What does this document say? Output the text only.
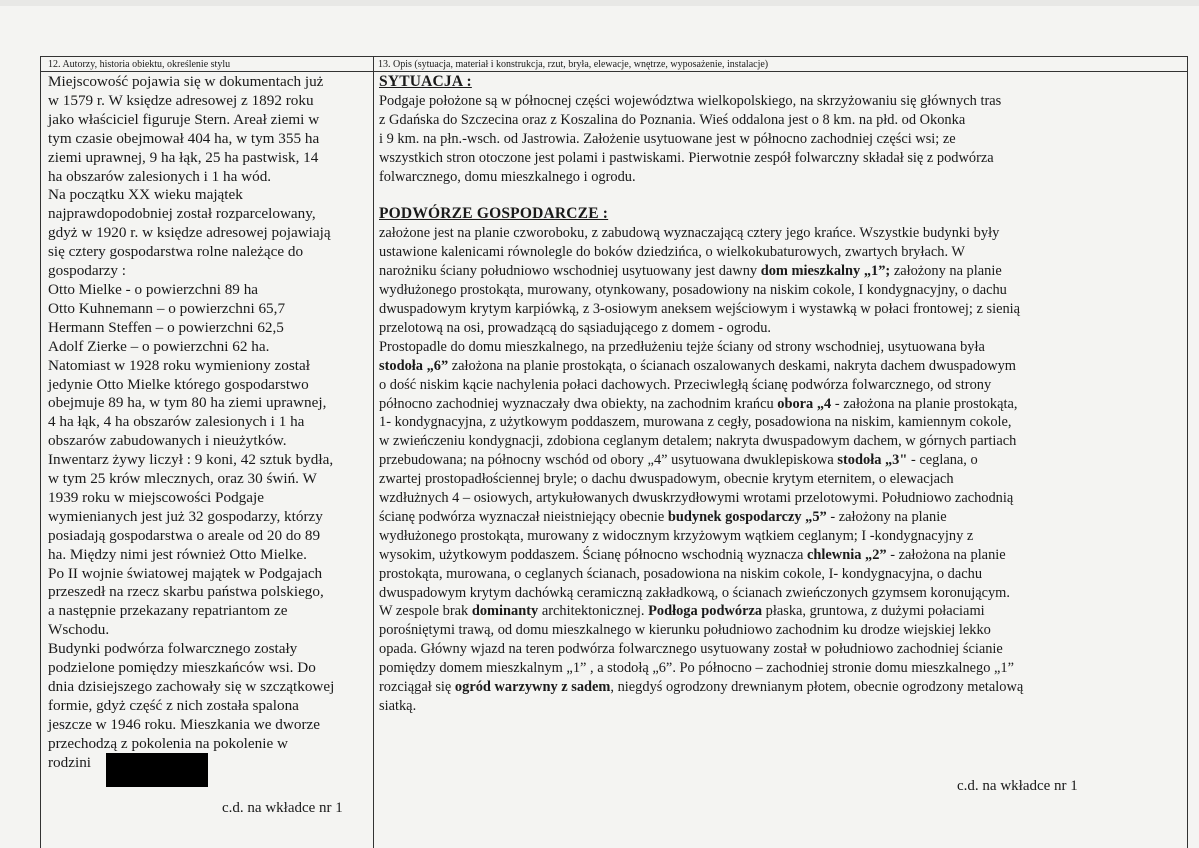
12. Autorzy, historia obiektu, określenie stylu	13. Opis (sytuacja, materiał i konstrukcja, rzut, bryła, elewacje, wnętrze, wyposażenie, instalacje)

Miejscowość pojawia się w dokumentach już

w 1579 r. W księdze adresowej z 1892 roku

jako właściciel figuruje Stern. Areał ziemi w

tym czasie obejmował 404 ha, w tym 355 ha

ziemi uprawnej, 9 ha łąk, 25 ha pastwisk, 14

ha obszarów zalesionych i 1 ha wód.

Na początku XX wieku majątek

najprawdopodobniej został rozparcelowany,

gdyż w 1920 r. w księdze adresowej pojawiają

się cztery gospodarstwa rolne należące do

gospodarzy :

Otto Mielke - o powierzchni 89 ha

Otto Kuhnemann – o powierzchni 65,7

Hermann Steffen – o powierzchni 62,5

Adolf Zierke – o powierzchni 62 ha.

Natomiast w 1928 roku wymieniony został

jedynie Otto Mielke którego gospodarstwo

obejmuje 89 ha, w tym 80 ha ziemi uprawnej,

4 ha łąk, 4 ha obszarów zalesionych i 1 ha

obszarów zabudowanych i nieużytków.

Inwentarz żywy liczył : 9 koni, 42 sztuk bydła,

w tym 25 krów mlecznych, oraz 30 świń. W

1939 roku w miejscowości Podgaje

wymienianych jest już 32 gospodarzy, którzy

posiadają gospodarstwa o areale od 20 do 89

ha. Między nimi jest również Otto Mielke.

Po II wojnie światowej majątek w Podgajach

przeszedł na rzecz skarbu państwa polskiego,

a następnie przekazany repatriantom ze

Wschodu.

Budynki podwórza folwarcznego zostały

podzielone pomiędzy mieszkańców wsi. Do

dnia dzisiejszego zachowały się w szczątkowej

formie, gdyż część z nich została spalona

jeszcze w 1946 roku. Mieszkania we dworze

przechodzą z pokolenia na pokolenie w

rodzini

c.d. na wkładce nr 1

SYTUACJA :

Podgaje położone są w północnej części województwa wielkopolskiego, na skrzyżowaniu się głównych tras

z Gdańska do Szczecina oraz z Koszalina do Poznania. Wieś oddalona jest o 8 km. na płd. od Okonka

i 9 km. na płn.-wsch. od Jastrowia. Założenie usytuowane jest w północno zachodniej części wsi; ze

wszystkich stron otoczone jest polami i pastwiskami. Pierwotnie zespół folwarczny składał się z podwórza

folwarcznego, domu mieszkalnego i ogrodu.

PODWÓRZE GOSPODARCZE :

założone jest na planie czworoboku, z zabudową wyznaczającą cztery jego krańce. Wszystkie budynki były

ustawione kalenicami równolegle do boków dziedzińca, o wielkokubaturowych, zwartych bryłach. W

narożniku ściany południowo wschodniej usytuowany jest dawny dom mieszkalny „1”; założony na planie

wydłużonego prostokąta, murowany, otynkowany, posadowiony na niskim cokole, I kondygnacyjny, o dachu

dwuspadowym krytym karpiówką, z 3-osiowym aneksem wejściowym i wystawką w połaci frontowej; z sienią

przelotową na osi, prowadzącą do sąsiadującego z domem - ogrodu.

Prostopadle do domu mieszkalnego, na przedłużeniu tejże ściany od strony wschodniej, usytuowana była

stodoła „6” założona na planie prostokąta, o ścianach oszalowanych deskami, nakryta dachem dwuspadowym

o dość niskim kącie nachylenia połaci dachowych. Przeciwległą ścianę podwórza folwarcznego, od strony

północno zachodniej wyznaczały dwa obiekty, na zachodnim krańcu obora „4 - założona na planie prostokąta,

1- kondygnacyjna, z użytkowym poddaszem, murowana z cegły, posadowiona na niskim, kamiennym cokole,

w zwieńczeniu kondygnacji, zdobiona ceglanym detalem; nakryta dwuspadowym dachem, w górnych partiach

przebudowana; na północny wschód od obory „4” usytuowana dwuklepiskowa stodoła „3" - ceglana, o

zwartej prostopadłościennej bryle; o dachu dwuspadowym, obecnie krytym eternitem, o elewacjach

wzdłużnych 4 – osiowych, artykułowanych dwuskrzydłowymi wrotami przelotowymi. Południowo zachodnią

ścianę podwórza wyznaczał nieistniejący obecnie budynek gospodarczy „5” - założony na planie

wydłużonego prostokąta, murowany z widocznym krzyżowym wątkiem ceglanym; I -kondygnacyjny z

wysokim, użytkowym poddaszem. Ścianę północno wschodnią wyznacza chlewnia „2” - założona na planie

prostokąta, murowana, o ceglanych ścianach, posadowiona na niskim cokole, I- kondygnacyjna, o dachu

dwuspadowym krytym dachówką ceramiczną zakładkową, o ścianach zwieńczonych gzymsem koronującym.

W zespole brak dominanty architektonicznej. Podłoga podwórza płaska, gruntowa, z dużymi połaciami

porośniętymi trawą, od domu mieszkalnego w kierunku południowo zachodnim ku drodze wiejskiej lekko

opada. Główny wjazd na teren podwórza folwarcznego usytuowany został w południowo zachodniej ścianie

pomiędzy domem mieszkalnym „1” , a stodołą „6”. Po północno – zachodniej stronie domu mieszkalnego „1”

rozciągał się ogród warzywny z sadem, niegdyś ogrodzony drewnianym płotem, obecnie ogrodzony metalową

siatką.

c.d. na wkładce nr 1
